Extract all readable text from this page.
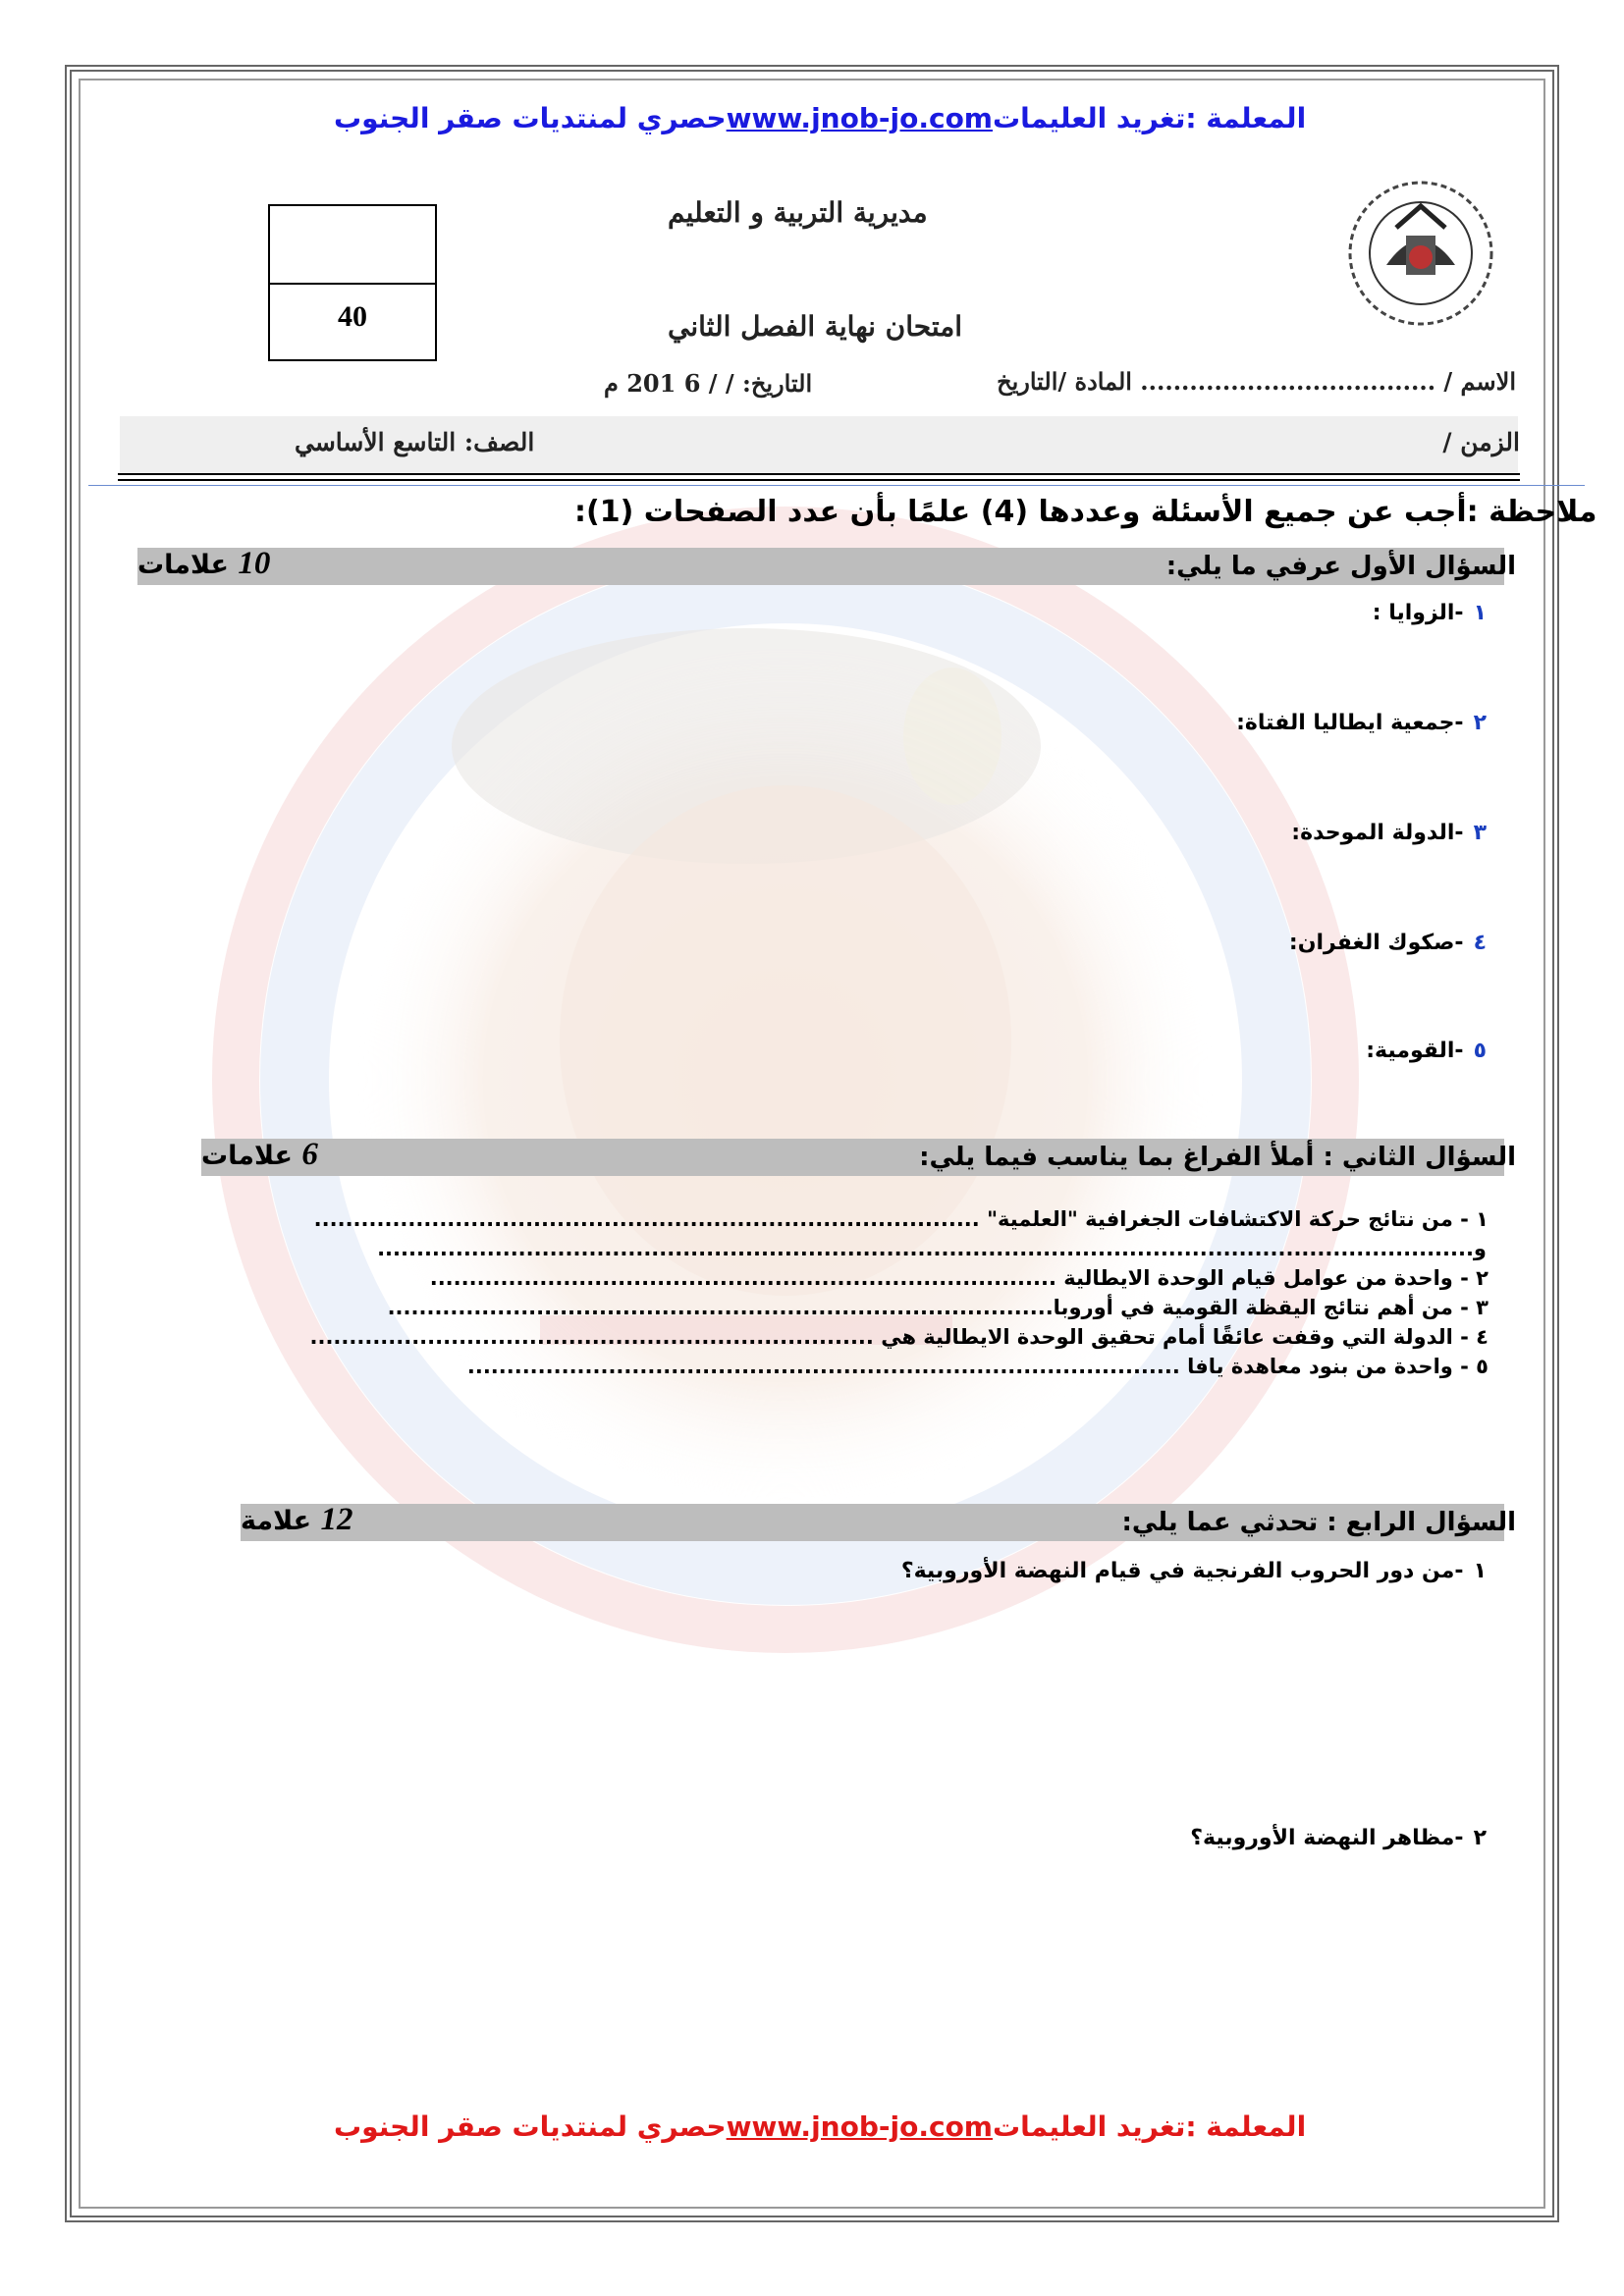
المعلمة :تغريد العليماتwww.jnob-jo.comحصري لمنتديات صقر الجنوب
40
مديرية التربية و التعليم
امتحان نهاية الفصل الثاني
الاسم / .................................... المادة /التاريخ
التاريخ: / / 6 201 م
الزمن /
الصف: التاسع الأساسي
ملاحظة :أجب عن جميع الأسئلة وعددها (4) علمًا بأن عدد الصفحات (1):
السؤال الأول عرفي ما يلي:
10 علامات
١-الزوايا :
٢-جمعية ايطاليا الفتاة:
٣-الدولة الموحدة:
٤-صكوك الغفران:
٥-القومية:
السؤال الثاني : أملأ الفراغ بما يناسب فيما يلي:
6 علامات
١ - من نتائج حركة الاكتشافات الجغرافية "العلمية" .....................................................................................
و............................................................................................................................................
٢ - واحدة من عوامل قيام الوحدة الايطالية ................................................................................
٣ - من أهم نتائج اليقظة القومية في أوروبا.....................................................................................
٤ - الدولة التي وقفت عائقًا أمام تحقيق الوحدة الايطالية هي ........................................................................
٥ - واحدة من بنود معاهدة يافا ...........................................................................................
السؤال الرابع : تحدثي عما يلي:
12 علامة
١-من دور الحروب الفرنجية في قيام النهضة الأوروبية؟
٢-مظاهر النهضة الأوروبية؟
المعلمة :تغريد العليماتwww.jnob-jo.comحصري لمنتديات صقر الجنوب
